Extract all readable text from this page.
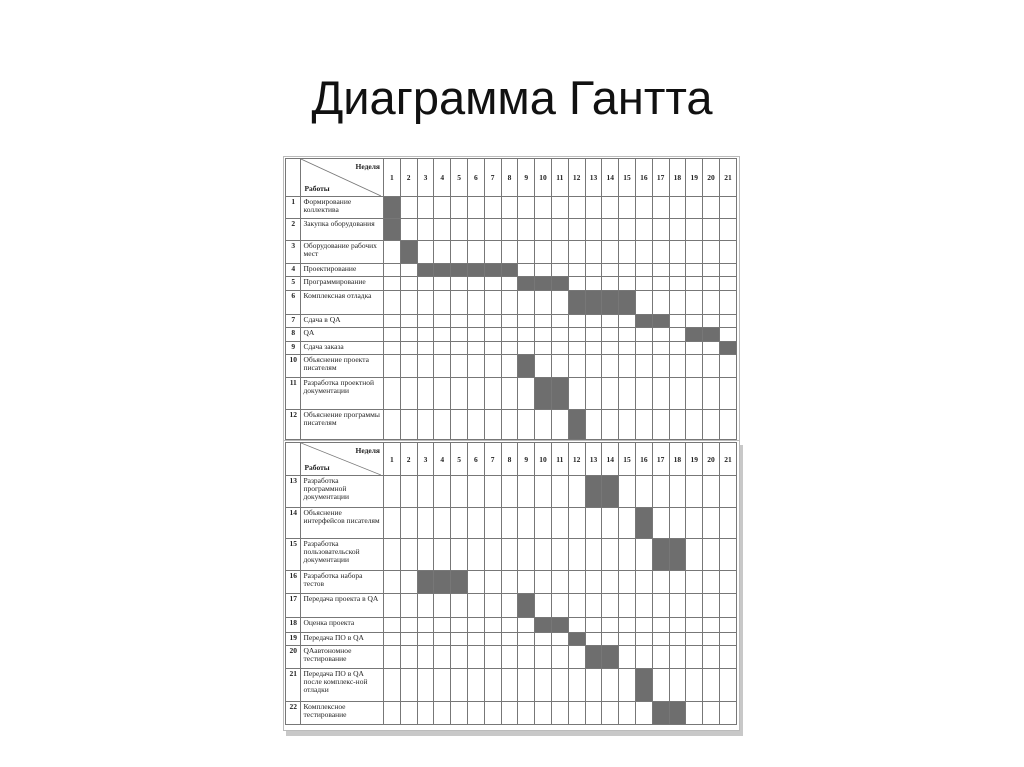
Диаграмма Гантта

	Неделя
Работы	1	2	3	4	5	6	7	8	9	10	11	12	13	14	15	16	17	18	19	20	21
1	Формирование коллектива																					
2	Закупка оборудования																					
3	Оборудование рабочих мест																					
4	Проектирование																					
5	Программирование																					
6	Комплексная отладка																					
7	Сдача в QA																					
8	QA																					
9	Сдача заказа																					
10	Объяснение проекта писателям																					
11	Разработка проектной документации																					
12	Объяснение программы писателям																					

	Неделя
Работы	1	2	3	4	5	6	7	8	9	10	11	12	13	14	15	16	17	18	19	20	21
13	Разработка программной документации																					
14	Объяснение интерфейсов писателям																					
15	Разработка пользовательской документации																					
16	Разработка набора тестов																					
17	Передача проекта в QA																					
18	Оценка проекта																					
19	Передача ПО в QA																					
20	QAавтономное тестирование																					
21	Передача ПО в QA после комплекс-ной отладки																					
22	Комплексное тестирование																					
